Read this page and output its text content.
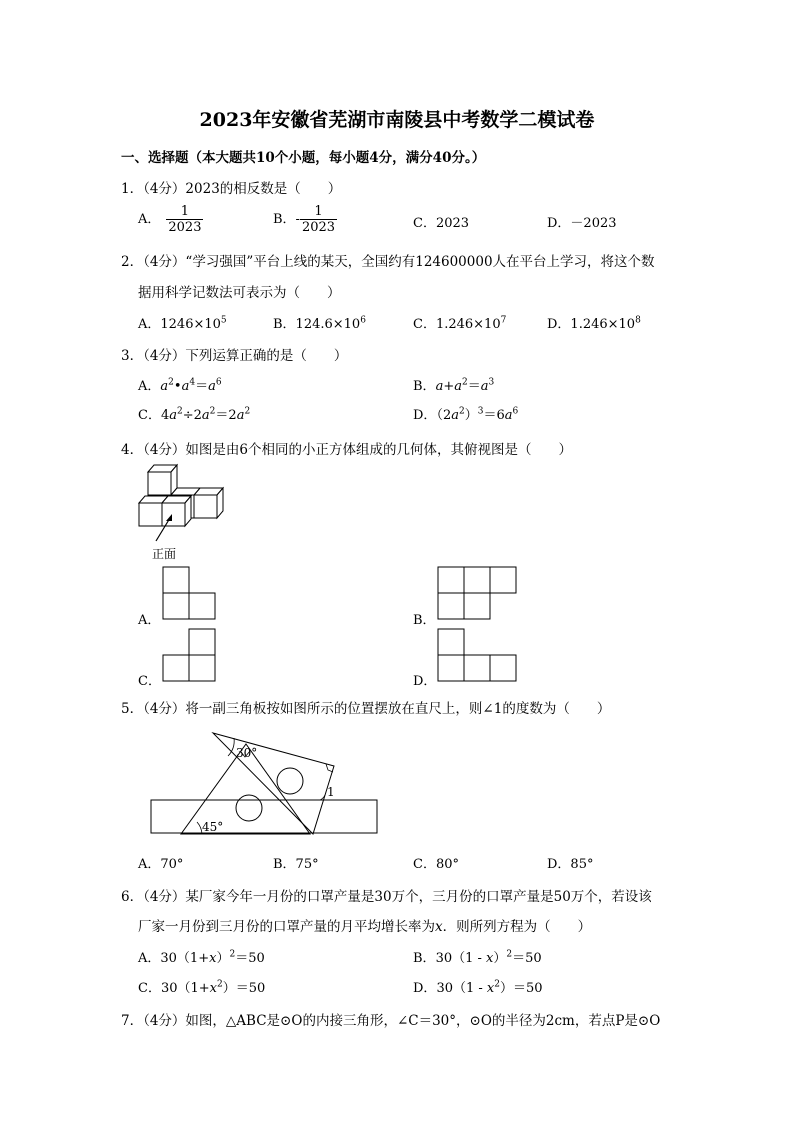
2023年安徽省芜湖市南陵县中考数学二模试卷
一、选择题（本大题共10个小题，每小题4分，满分40分。）
1．（4分）2023的相反数是（　　）
A． $\frac{1}{2023}$	B．- $\frac{1}{2023}$	C．2023	D．－2023
2．（4分）“学习强国”平台上线的某天，全国约有124600000人在平台上学习，将这个数
据用科学记数法可表示为（　　）
A．$1246\times 10^5$	B．$124.6\times 10^6$	C．$1.246\times 10^7$	D．$1.246\times 10^8$
3．（4分）下列运算正确的是（　　）
A．$a^2•a^4=a^6$	B．$a+a^2=a^3$
C．$4a^2\div 2a^2=2a^2$	D．$(2a^2)^3=6a^6$
4．（4分）如图是由6个相同的小正方体组成的几何体，其俯视图是（　　）
正面
A．	B．
C．	D．
5．（4分）将一副三角板按如图所示的位置摆放在直尺上，则∠1的度数为（　　）
30°
45°
1
A．70°	B．75°	C．80°	D．85°
6．（4分）某厂家今年一月份的口罩产量是30万个，三月份的口罩产量是50万个，若设该
厂家一月份到三月份的口罩产量的月平均增长率为x．则所列方程为（　　）
A．$30(1+x)^2=50$	B．30（1 - x）$^2$＝50
C．$30(1+x^2)=50$	D．$30(1 - x^2)=50$
7．（4分）如图，△ABC是⊙O的内接三角形，∠C＝30°，⊙O的半径为2cm，若点P是⊙O
